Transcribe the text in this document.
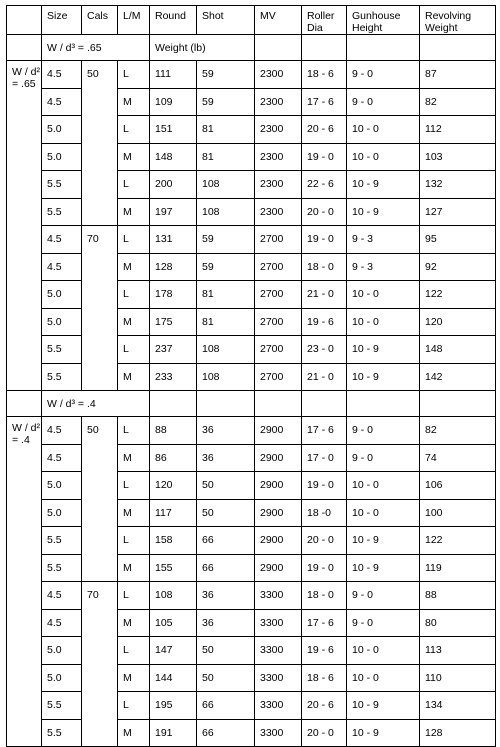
	Size	Cals	L/M	Round	Shot	MV	Roller Dia	Gunhouse Height	Revolving Weight
	W / d³ = .65			Weight (lb)					
W / d² = .65	4.5	50	L	111	59	2300	18 - 6	9 - 0	87
	4.5		M	109	59	2300	17 - 6	9 - 0	82
	5.0		L	151	81	2300	20 - 6	10 - 0	112
	5.0		M	148	81	2300	19 - 0	10 - 0	103
	5.5		L	200	108	2300	22 - 6	10 - 9	132
	5.5		M	197	108	2300	20 - 0	10 - 9	127
	4.5	70	L	131	59	2700	19 - 0	9 - 3	95
	4.5		M	128	59	2700	18 - 0	9 - 3	92
	5.0		L	178	81	2700	21 - 0	10 - 0	122
	5.0		M	175	81	2700	19 - 6	10 - 0	120
	5.5		L	237	108	2700	23 - 0	10 - 9	148
	5.5		M	233	108	2700	21 - 0	10 - 9	142
	W / d³ = .4								
W / d² = .4	4.5	50	L	88	36	2900	17 - 6	9 - 0	82
	4.5		M	86	36	2900	17 - 0	9 - 0	74
	5.0		L	120	50	2900	19 - 0	10 - 0	106
	5.0		M	117	50	2900	18 -0	10 - 0	100
	5.5		L	158	66	2900	20 - 0	10 - 9	122
	5.5		M	155	66	2900	19 - 0	10 - 9	119
	4.5	70	L	108	36	3300	18 - 0	9 - 0	88
	4.5		M	105	36	3300	17 - 6	9 - 0	80
	5.0		L	147	50	3300	19 - 6	10 - 0	113
	5.0		M	144	50	3300	18 - 6	10 - 0	110
	5.5		L	195	66	3300	20 - 6	10 - 9	134
	5.5		M	191	66	3300	20 - 0	10 - 9	128
